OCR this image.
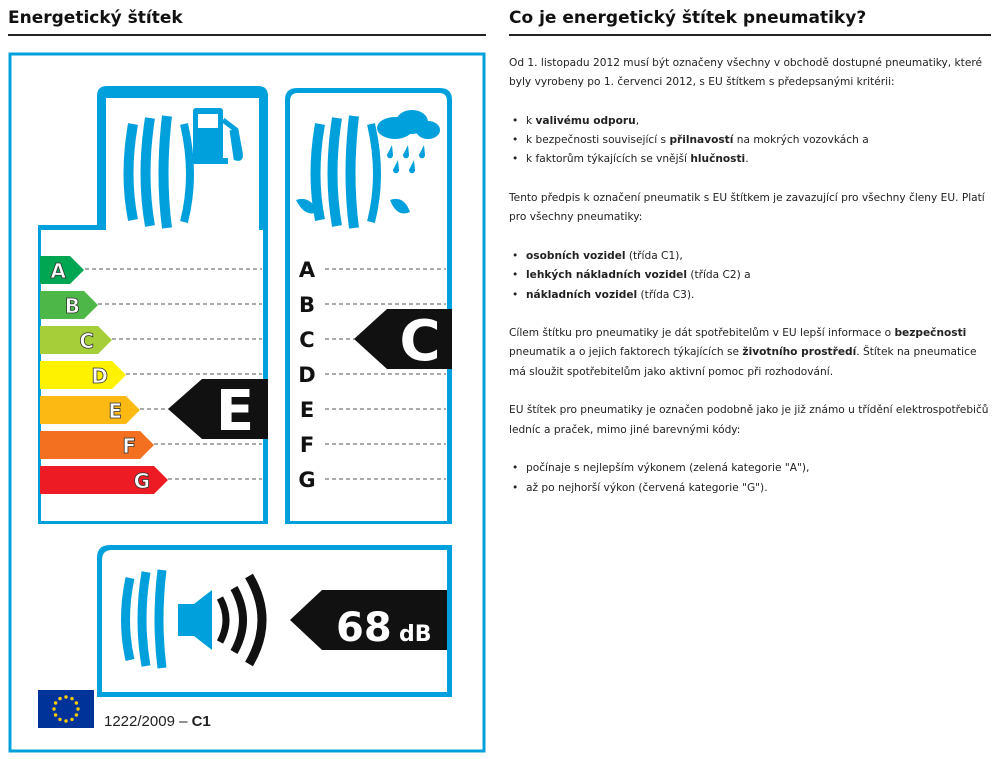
Energetický štítek	Co je energetický štítek pneumatiky?
A
B
C
D
E
F
G
E
A
B
C
D
E
F
G
C
68 dB
1222/2009 – C1

Od 1. listopadu 2012 musí být označeny všechny v obchodě dostupné pneumatiky, které byly vyrobeny po 1. červenci 2012, s EU štítkem s předepsanými kritérii:

• k valivému odporu,
• k bezpečnosti související s přilnavostí na mokrých vozovkách a
• k faktorům týkajících se vnější hlučnosti.

Tento předpis k označení pneumatik s EU štítkem je zavazující pro všechny členy EU. Platí pro všechny pneumatiky:

• osobních vozidel (třída C1),
• lehkých nákladních vozidel (třída C2) a
• nákladních vozidel (třída C3).

Cílem štítku pro pneumatiky je dát spotřebitelům v EU lepší informace o bezpečnosti pneumatik a o jejich faktorech týkajících se životního prostředí. Štítek na pneumatice má sloužit spotřebitelům jako aktivní pomoc při rozhodování.

EU štítek pro pneumatiky je označen podobně jako je již známo u třídění elektrospotřebičů ledníc a praček, mimo jiné barevnými kódy:

• počínaje s nejlepším výkonem (zelená kategorie "A"),
• až po nejhorší výkon (červená kategorie "G").
